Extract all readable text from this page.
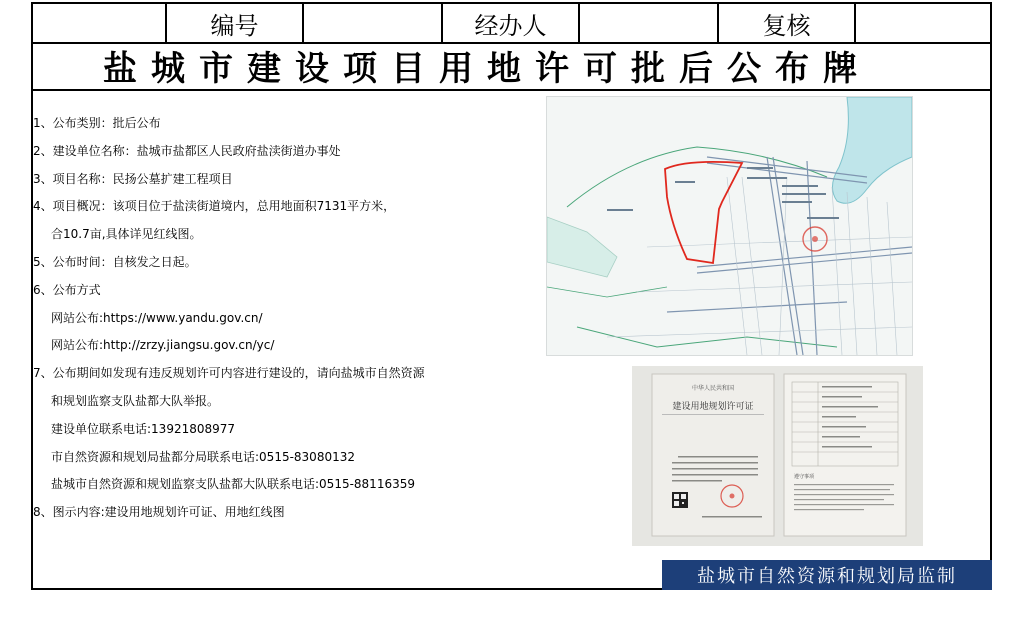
编号	经办人	复核
盐城市建设项目用地许可批后公布牌
1、公布类别：批后公布
2、建设单位名称：盐城市盐都区人民政府盐渎街道办事处
3、项目名称：民扬公墓扩建工程项目
4、项目概况：该项目位于盐渎街道境内，总用地面积7131平方米，
合10.7亩,具体详见红线图。
5、公布时间：自核发之日起。
6、公布方式
网站公布:https://www.yandu.gov.cn/
网站公布:http://zrzy.jiangsu.gov.cn/yc/
7、公布期间如发现有违反规划许可内容进行建设的，请向盐城市自然资源
和规划监察支队盐都大队举报。
建设单位联系电话:13921808977
市自然资源和规划局盐都分局联系电话:0515-83080132
盐城市自然资源和规划监察支队盐都大队联系电话:0515-88116359
8、图示内容:建设用地规划许可证、用地红线图
中华人民共和国
建设用地规划许可证
遵守事项
盐城市自然资源和规划局监制
